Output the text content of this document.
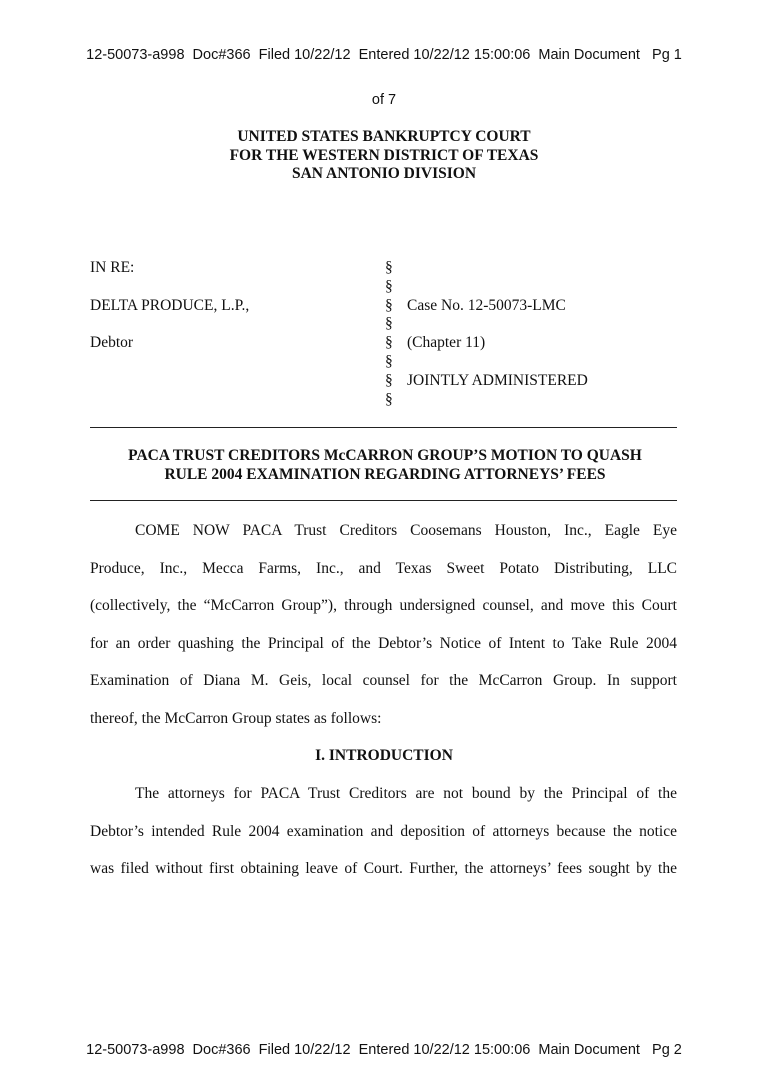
12-50073-a998  Doc#366  Filed 10/22/12  Entered 10/22/12 15:00:06  Main Document   Pg 1

of 7

UNITED STATES BANKRUPTCY COURT
FOR THE WESTERN DISTRICT OF TEXAS
SAN ANTONIO DIVISION
IN RE:
DELTA PRODUCE, L.P.,
Debtor
§
§
§
§
§
§
§
§
Case No. 12-50073-LMC
(Chapter 11)
JOINTLY ADMINISTERED
PACA TRUST CREDITORS McCARRON GROUP’S MOTION TO QUASH
RULE 2004 EXAMINATION REGARDING ATTORNEYS’ FEES
COME NOW PACA Trust Creditors Coosemans Houston, Inc., Eagle Eye
Produce, Inc., Mecca Farms, Inc., and Texas Sweet Potato Distributing, LLC
(collectively, the “McCarron Group”), through undersigned counsel, and move this Court
for an order quashing the Principal of the Debtor’s Notice of Intent to Take Rule 2004
Examination of Diana M. Geis, local counsel for the McCarron Group. In support
thereof, the McCarron Group states as follows:
I. INTRODUCTION
The attorneys for PACA Trust Creditors are not bound by the Principal of the
Debtor’s intended Rule 2004 examination and deposition of attorneys because the notice
was filed without first obtaining leave of Court. Further, the attorneys’ fees sought by the

12-50073-a998  Doc#366  Filed 10/22/12  Entered 10/22/12 15:00:06  Main Document   Pg 2
